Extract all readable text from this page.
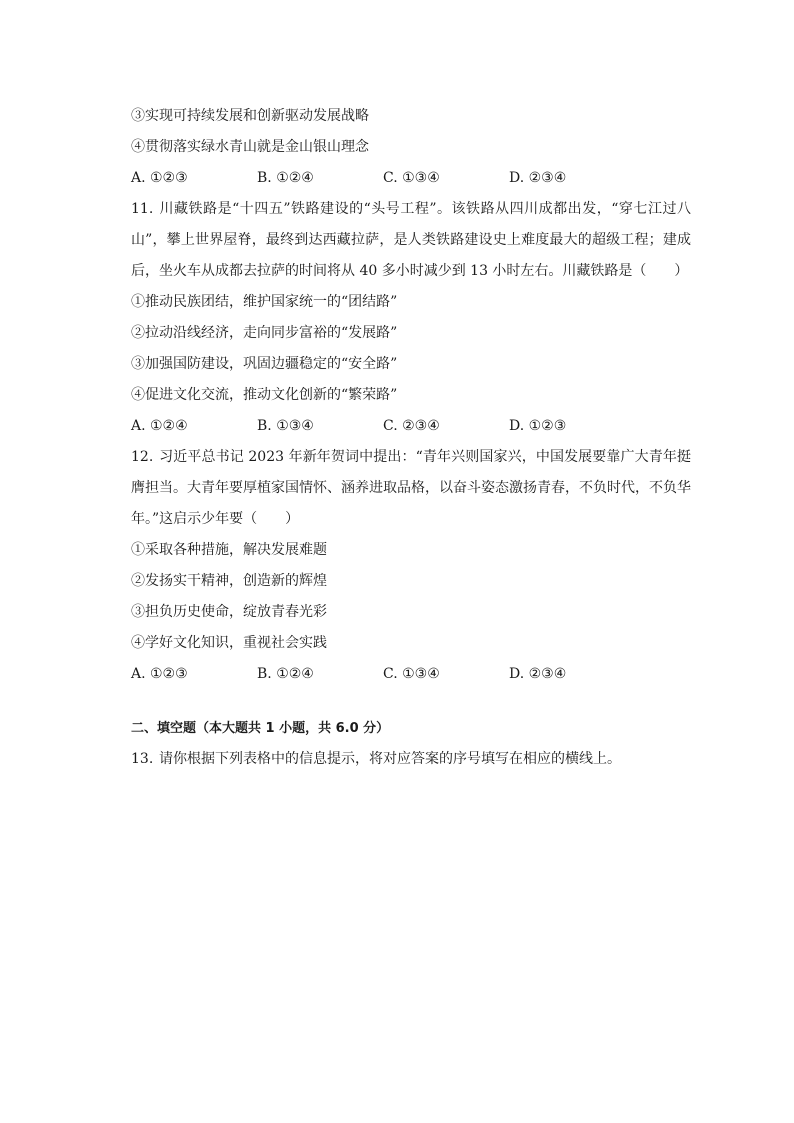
③实现可持续发展和创新驱动发展战略
④贯彻落实绿水青山就是金山银山理念
A. ①②③	B. ①②④	C. ①③④	D. ②③④
11. 川藏铁路是“十四五”铁路建设的“头号工程”。该铁路从四川成都出发，“穿七江过八山”，攀上世界屋脊，最终到达西藏拉萨，是人类铁路建设史上难度最大的超级工程；建成后，坐火车从成都去拉萨的时间将从 40 多小时减少到 13 小时左右。川藏铁路是（　　）
①推动民族团结，维护国家统一的“团结路”
②拉动沿线经济，走向同步富裕的“发展路”
③加强国防建设，巩固边疆稳定的“安全路”
④促进文化交流，推动文化创新的“繁荣路”
A. ①②④	B. ①③④	C. ②③④	D. ①②③
12. 习近平总书记 2023 年新年贺词中提出：“青年兴则国家兴，中国发展要靠广大青年挺膺担当。大青年要厚植家国情怀、涵养进取品格，以奋斗姿态激扬青春，不负时代，不负华年。”这启示少年要（　　）
①采取各种措施，解决发展难题
②发扬实干精神，创造新的辉煌
③担负历史使命，绽放青春光彩
④学好文化知识，重视社会实践
A. ①②③	B. ①②④	C. ①③④	D. ②③④
二、填空题（本大题共 1 小题，共 6.0 分）
13. 请你根据下列表格中的信息提示，将对应答案的序号填写在相应的横线上。
